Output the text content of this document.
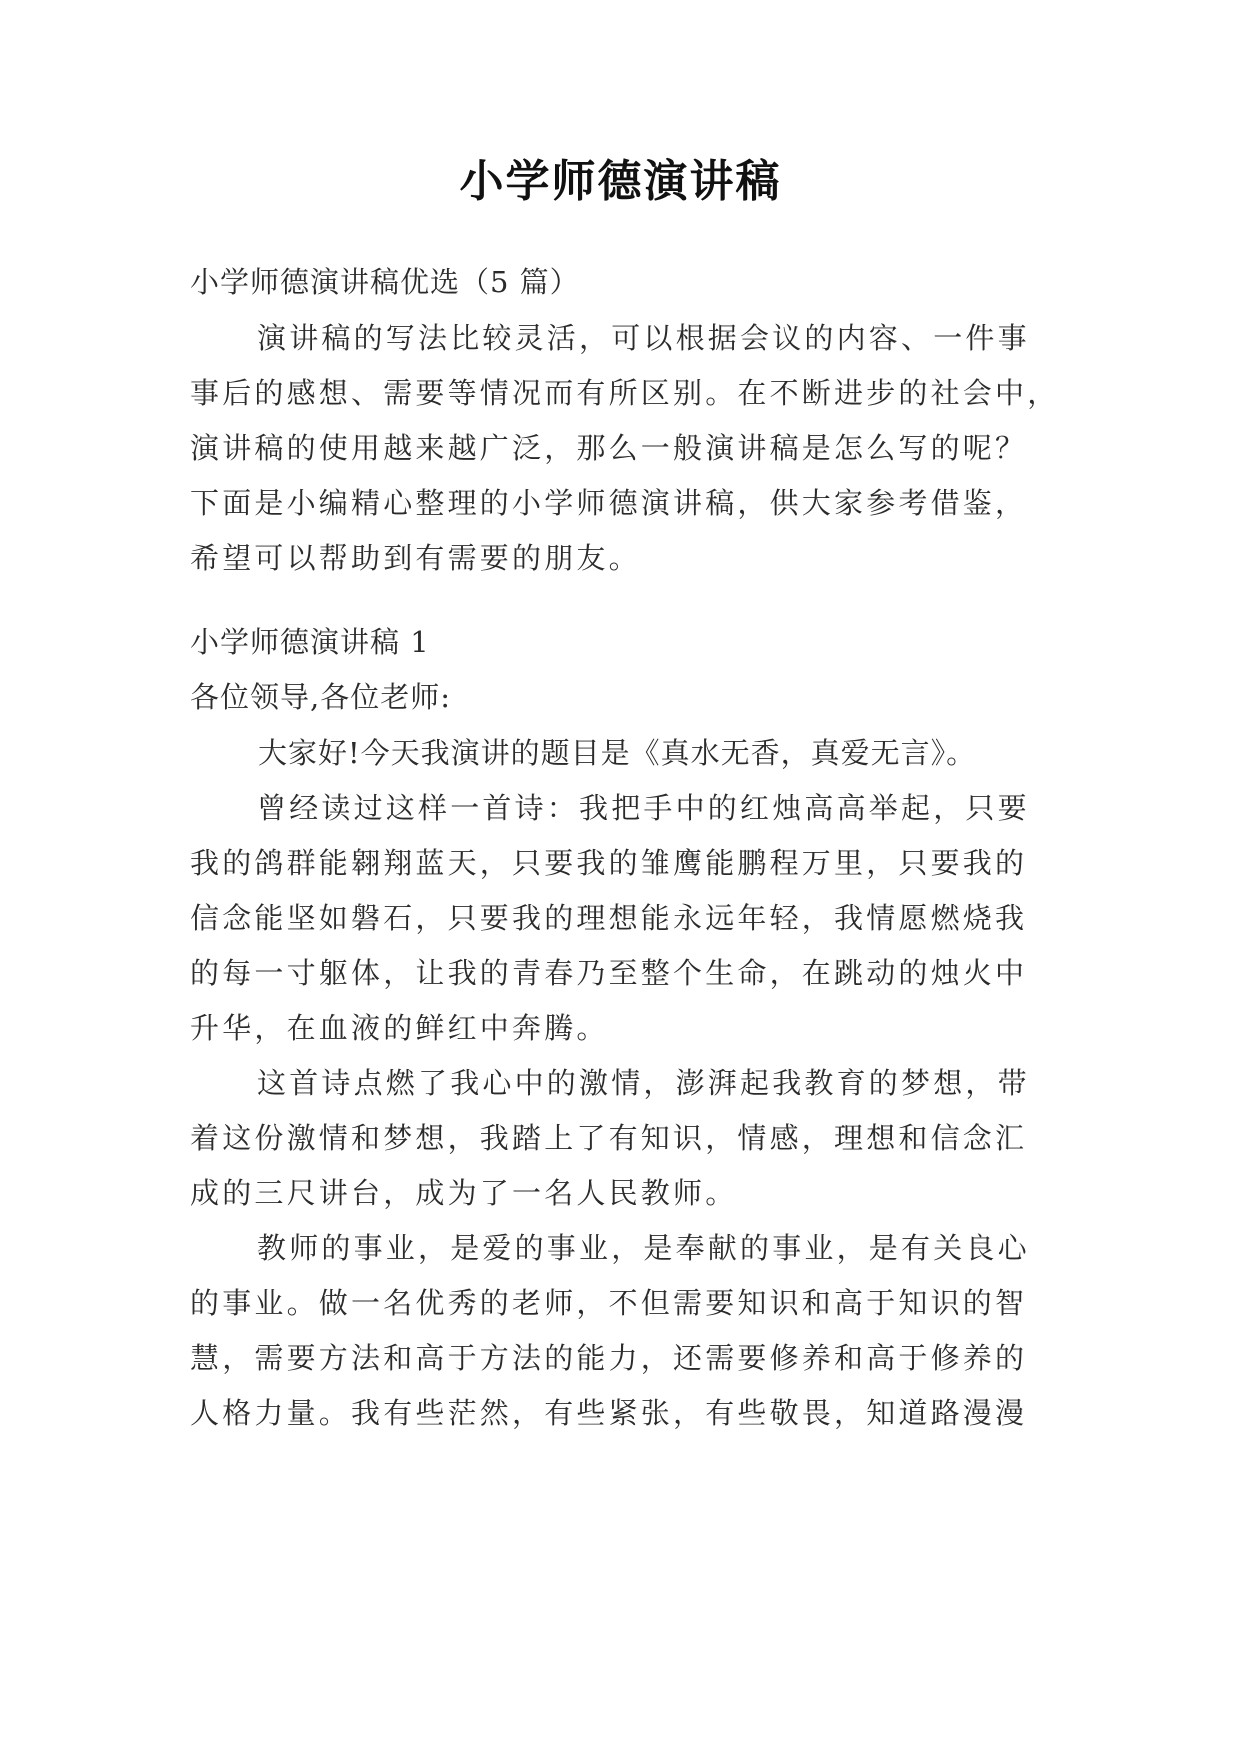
小学师德演讲稿
小学师德演讲稿优选（5 篇）
演讲稿的写法比较灵活，可以根据会议的内容、一件事
事后的感想、需要等情况而有所区别。在不断进步的社会中，
演讲稿的使用越来越广泛，那么一般演讲稿是怎么写的呢？
下面是小编精心整理的小学师德演讲稿，供大家参考借鉴，
希望可以帮助到有需要的朋友。
小学师德演讲稿 1
各位领导,各位老师:
大家好!今天我演讲的题目是《真水无香，真爱无言》。
曾经读过这样一首诗：我把手中的红烛高高举起，只要
我的鸽群能翱翔蓝天，只要我的雏鹰能鹏程万里，只要我的
信念能坚如磐石，只要我的理想能永远年轻，我情愿燃烧我
的每一寸躯体，让我的青春乃至整个生命，在跳动的烛火中
升华，在血液的鲜红中奔腾。
这首诗点燃了我心中的激情，澎湃起我教育的梦想，带
着这份激情和梦想，我踏上了有知识，情感，理想和信念汇
成的三尺讲台，成为了一名人民教师。
教师的事业，是爱的事业，是奉献的事业，是有关良心
的事业。做一名优秀的老师，不但需要知识和高于知识的智
慧，需要方法和高于方法的能力，还需要修养和高于修养的
人格力量。我有些茫然，有些紧张，有些敬畏，知道路漫漫
